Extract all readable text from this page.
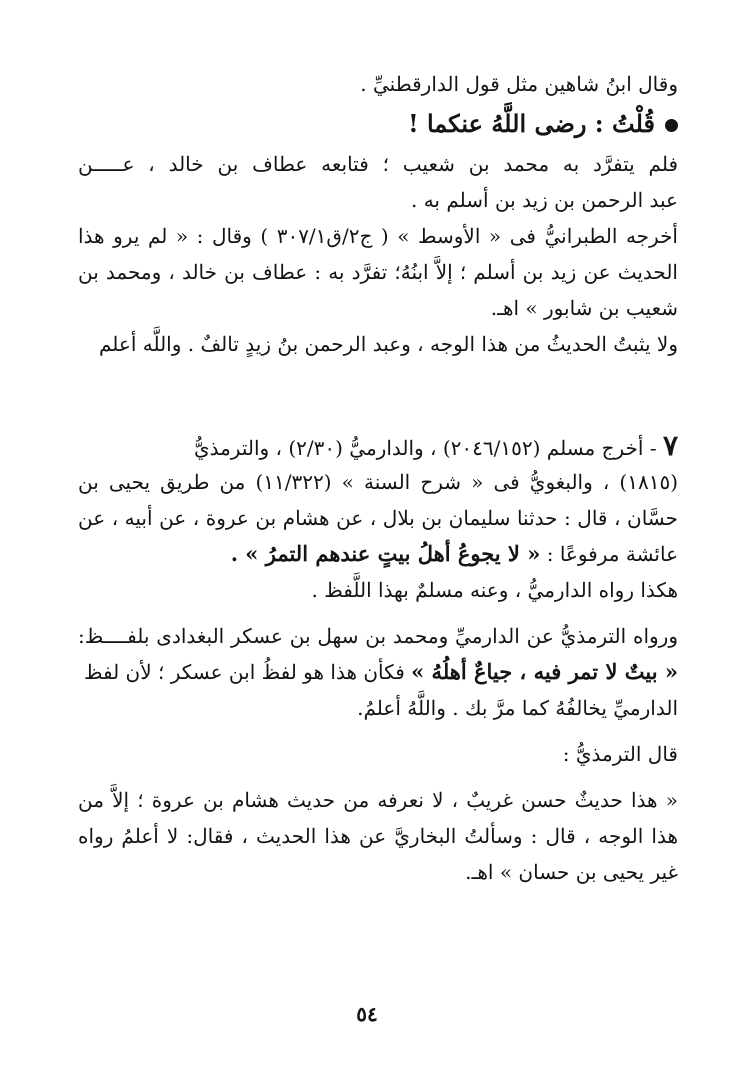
وقال ابنُ شاهين مثل قول الدارقطنيِّ .
قُلْتُ : رضى اللَّهُ عنكما !
فلم يتفرَّد به محمد بن شعيب ؛ فتابعه عطاف بن خالد ، عـــــن
عبد الرحمن بن زيد بن أسلم به .
أخرجه الطبرانيُّ فى « الأوسط » ( ج٢/ق٣٠٧/١ ) وقال : « لم يرو هذا
الحديث عن زيد بن أسلم ؛ إلاَّ ابنُهُ؛ تفرَّد به : عطاف بن خالد ، ومحمد بن
شعيب بن شابور » اهـ.
ولا يثبتُ الحديثُ من هذا الوجه ، وعبد الرحمن بنُ زيدٍ تالفٌ . واللَّه أعلم
٧ - أخرج مسلم (٢٠٤٦/١٥٢) ، والدارميُّ (٢/٣٠) ، والترمذيُّ
(١٨١٥) ، والبغويُّ فى « شرح السنة » (١١/٣٢٢) من طريق يحيى بن
حسَّان ، قال : حدثنا سليمان بن بلال ، عن هشام بن عروة ، عن أبيه ، عن
عائشة مرفوعًا : « لا يجوعُ أهلُ بيتٍ عندهم التمرُ » .
هكذا رواه الدارميُّ ، وعنه مسلمٌ بهذا اللَّفظ .
ورواه الترمذيُّ عن الدارميِّ ومحمد بن سهل بن عسكر البغدادى بلفــــظ:
« بيتٌ لا تمر فيه ، جياعٌ أهلُهُ » فكأن هذا هو لفظُ ابن عسكر ؛ لأن لفظ
الدارميِّ يخالفُهُ كما مرَّ بك . واللَّهُ أعلمُ.
قال الترمذيُّ :
« هذا حديثٌ حسن غريبٌ ، لا نعرفه من حديث هشام بن عروة ؛ إلاَّ من
هذا الوجه ، قال : وسألتُ البخاريَّ عن هذا الحديث ، فقال: لا أعلمُ رواه
غير يحيى بن حسان » اهـ.
٥٤
